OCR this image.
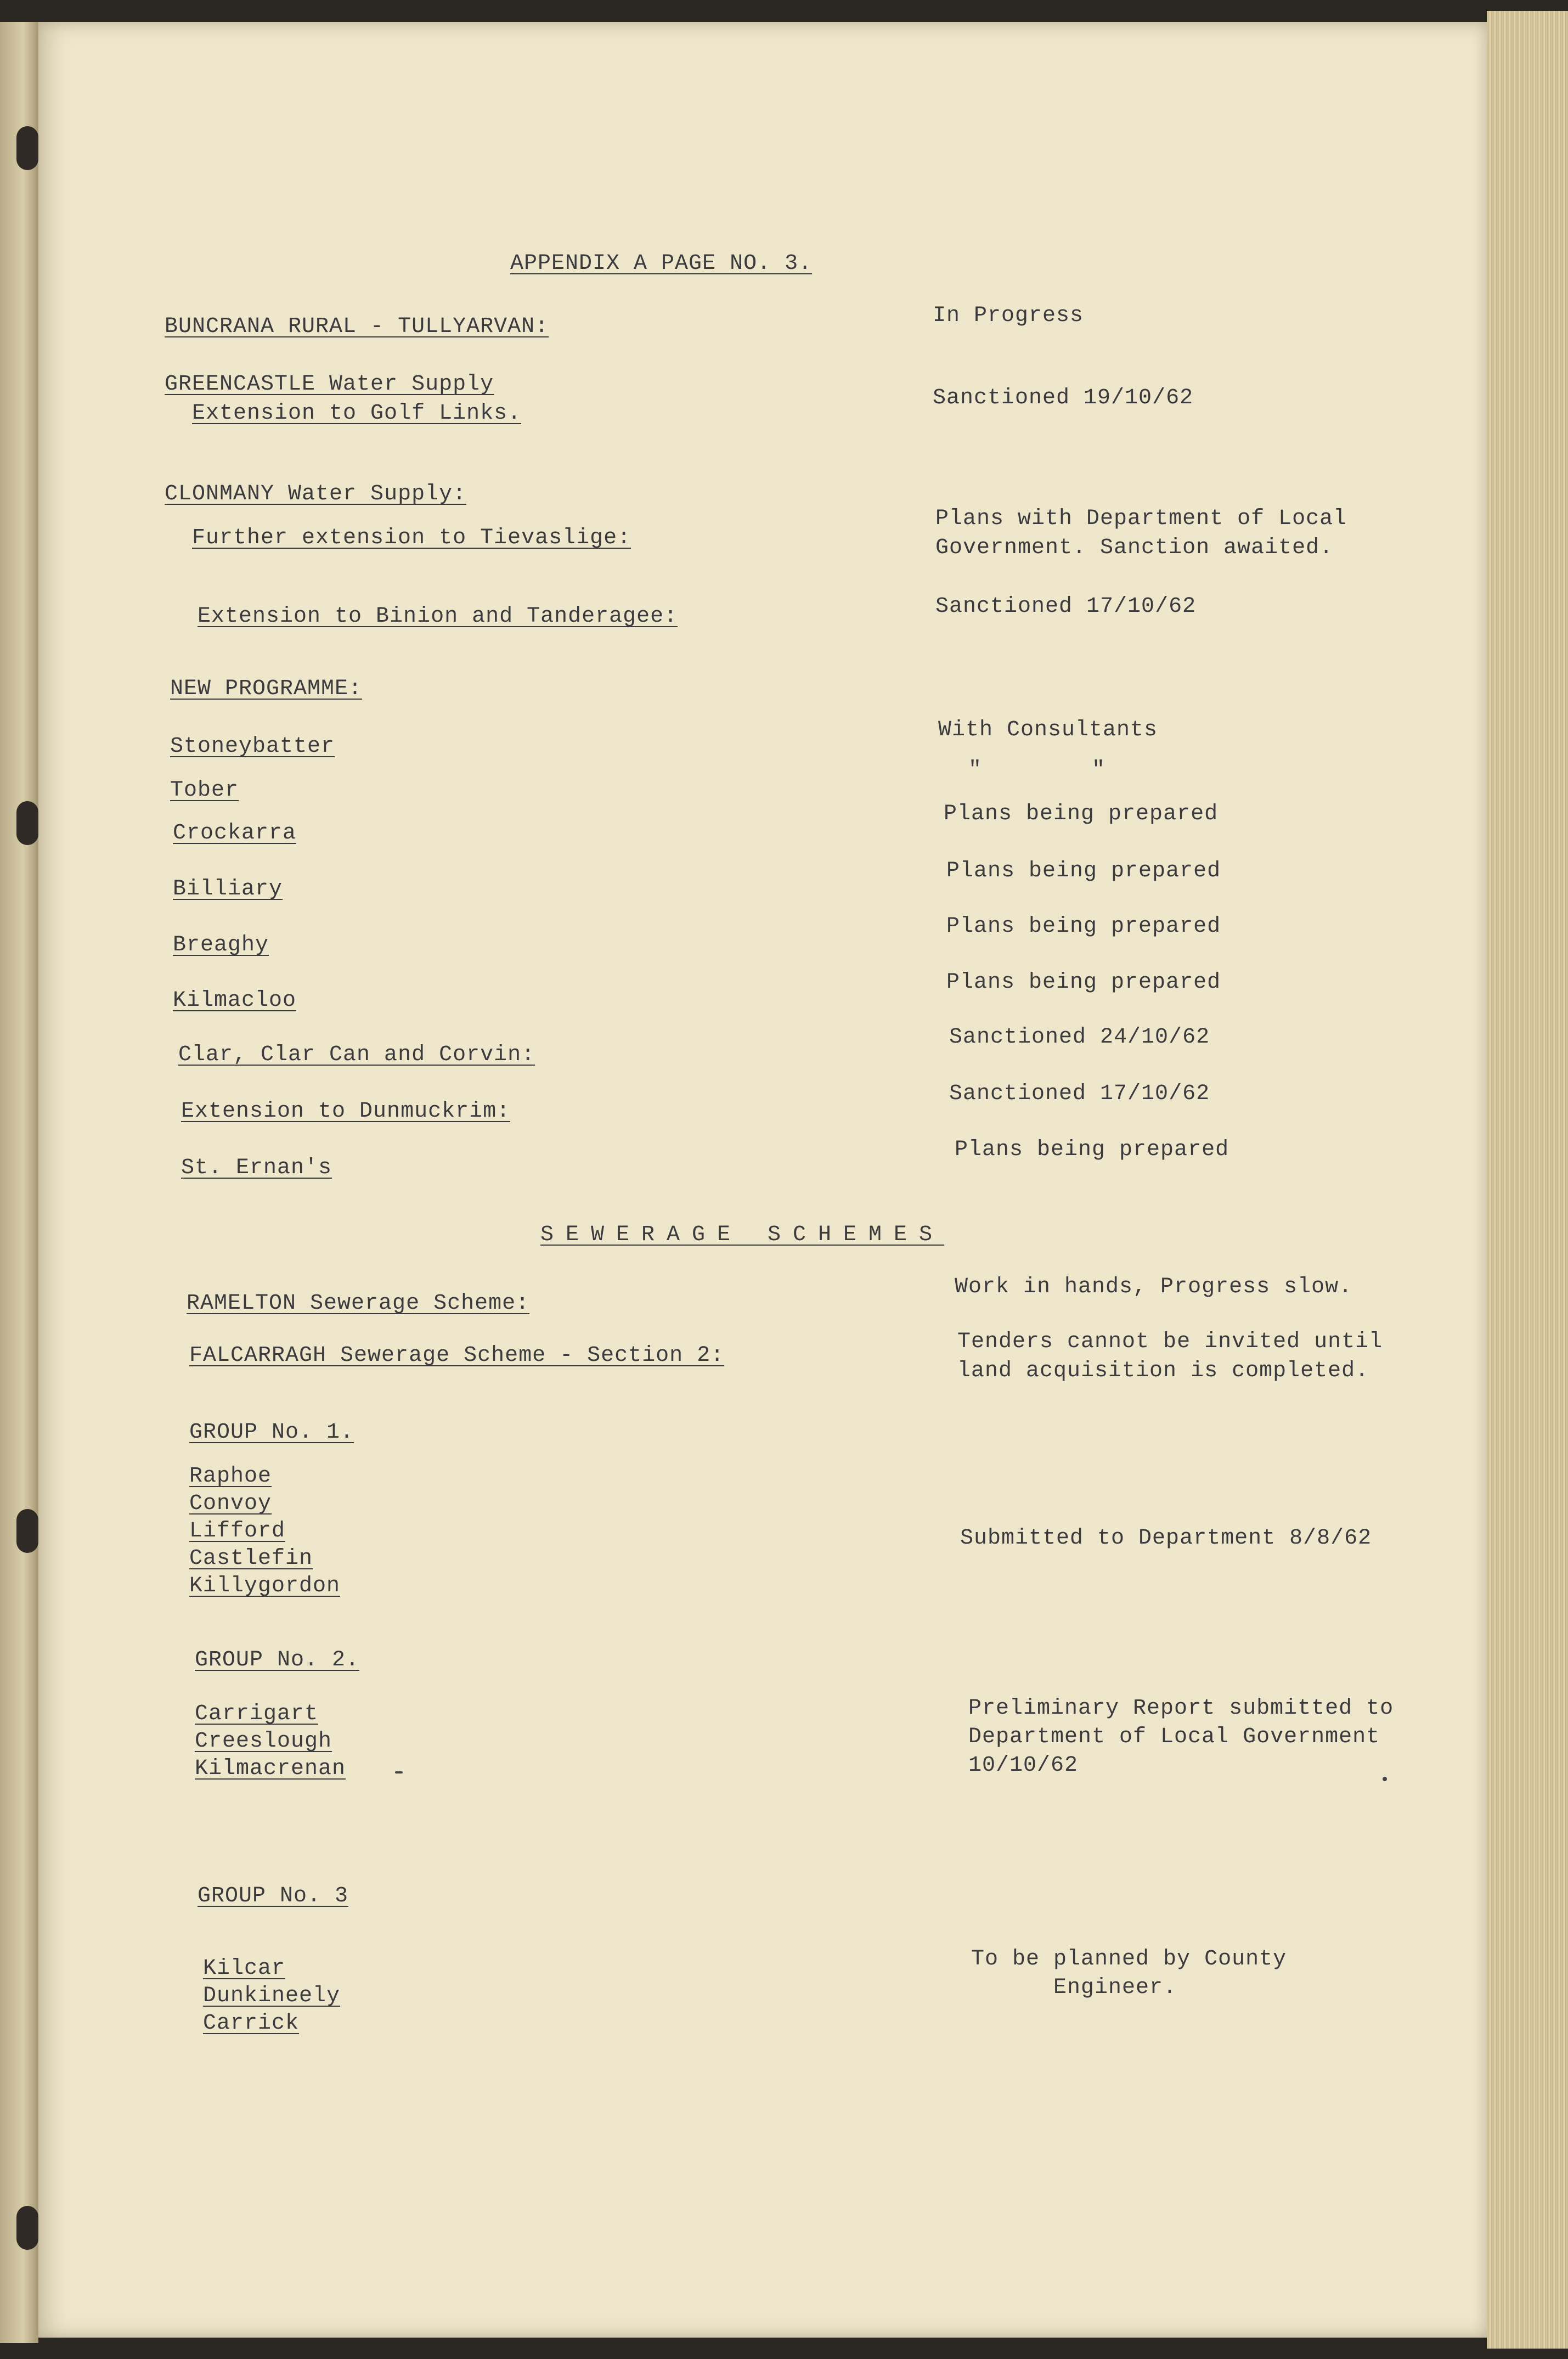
APPENDIX A PAGE NO. 3.

BUNCRANA RURAL - TULLYARVAN:	In Progress

GREENCASTLE Water Supply

Extension to Golf Links.

Sanctioned 19/10/62

CLONMANY Water Supply:

Further extension to Tievaslige:

Plans with Department of Local

Government. Sanction awaited.

Extension to Binion and Tanderagee:	Sanctioned 17/10/62

NEW PROGRAMME:

Stoneybatter

With Consultants

Tober

"        "

Crockarra

Plans being prepared

Billiary

Plans being prepared

Breaghy

Plans being prepared

Kilmacloo

Plans being prepared

Clar, Clar Can and Corvin:

Sanctioned 24/10/62

Extension to Dunmuckrim:

Sanctioned 17/10/62

St. Ernan's

Plans being prepared

SEWERAGE SCHEMES

RAMELTON Sewerage Scheme:

Work in hands, Progress slow.

FALCARRAGH Sewerage Scheme - Section 2:

Tenders cannot be invited until

land acquisition is completed.

GROUP No. 1.

Raphoe

Convoy

Lifford

Castlefin

Killygordon

Submitted to Department 8/8/62

GROUP No. 2.

Carrigart

Creeslough

Kilmacrenan

Preliminary Report submitted to

Department of Local Government

10/10/62

GROUP No. 3

Kilcar

Dunkineely

Carrick

To be planned by County

Engineer.
